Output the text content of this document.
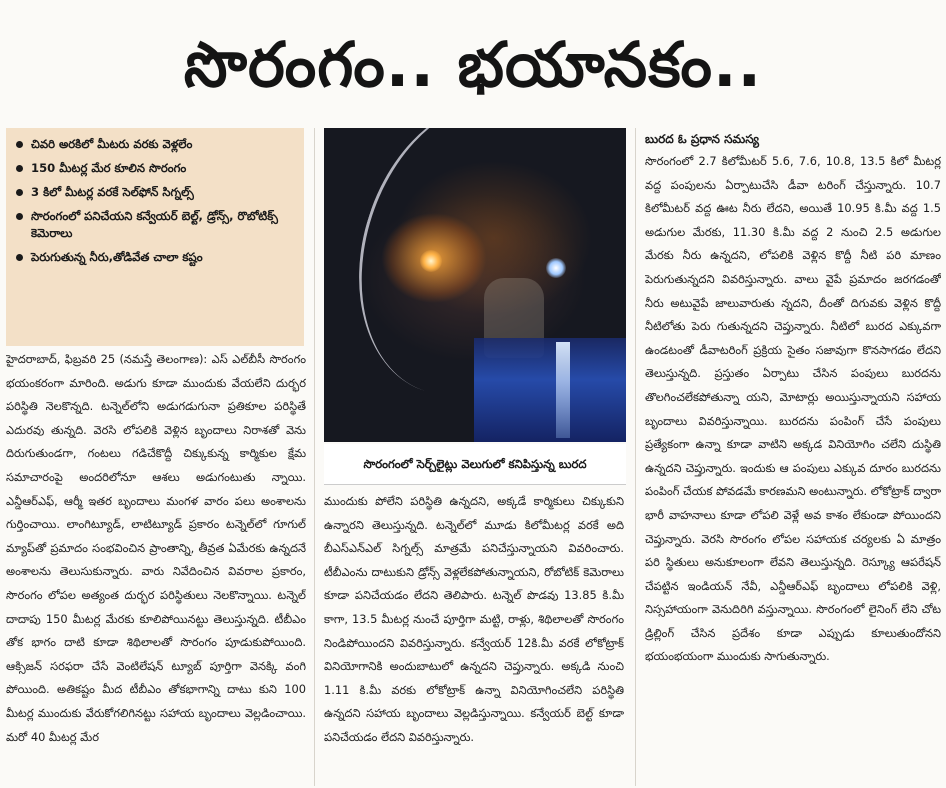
సొరంగం.. భయానకం..
చివరి అరకిలో మీటరు వరకు వెళ్లలేం
150 మీటర్ల మేర కూలిన సొరంగం
3 కిలో మీటర్ల వరకే సెల్‌ఫోన్ సిగ్నల్స్
సొరంగంలో పనిచేయని కన్వేయర్ బెల్ట్, డ్రోన్స్, రొబోటిక్స్ కెమెరాలు
పెరుగుతున్న నీరు,తోడివేత చాలా కష్టం

హైదరాబాద్, ఫిబ్రవరి 25 (నమస్తే తెలంగాణ): ఎస్ ఎల్‌బీసీ సొరంగం భయంకరంగా మారింది. అడుగు కూడా ముందుకు వేయలేని దుర్భర పరిస్థితి నెలకొన్నది. టన్నెల్‌లోని అడుగడుగునా ప్రతికూల పరిస్థితే ఎదురవు తున్నది. వెరసి లోపలికి వెళ్లిన బృందాలు నిరాశతో వెను దిరుగుతుండగా, గంటలు గడిచేకొద్దీ చిక్కుకున్న కార్మికుల క్షేమ సమాచారంపై అందరిలోనూ ఆశలు అడుగంటుతు న్నాయి. ఎన్డీఆర్‌ఎఫ్, ఆర్మీ ఇతర బృందాలు మంగళ వారం పలు అంశాలను గుర్తించాయి. లాంగిట్యూడ్, లాటిట్యూడ్ ప్రకారం టన్నెల్‌లో గూగుల్ మ్యాప్‌తో ప్రమాదం సంభవించిన ప్రాంతాన్ని, తీవ్రత ఏమేరకు ఉన్నదనే అంశాలను తెలుసుకున్నారు. వారు నివేదించిన వివరాల ప్రకారం, సొరంగం లోపల అత్యంత దుర్భర పరిస్థితులు నెలకొన్నాయి. టన్నెల్ దాదాపు 150 మీటర్ల మేరకు కూలిపోయినట్టు తెలుస్తున్నది. టీబీఎం తోక భాగం దాటి కూడా శిథిలాలతో సొరంగం పూడుకుపోయింది. ఆక్సిజన్ సరఫరా చేసే వెంటిలేషన్ ట్యూబ్ పూర్తిగా వెనక్కి వంగి పోయింది. అతికష్టం మీద టీబీఎం తోకభాగాన్ని దాటు కుని 100 మీటర్ల ముందుకు వేరుకోగలిగినట్టు సహాయ బృందాలు వెల్లడించాయి. మరో 40 మీటర్ల మేర

సొరంగంలో సెర్చ్‌లైట్లు వెలుగులో కనిపిస్తున్న బురద

ముందుకు పోలేని పరిస్థితి ఉన్నదని, అక్కడే కార్మికులు చిక్కుకుని ఉన్నారని తెలుస్తున్నది. టన్నెల్‌లో మూడు కిలోమీటర్ల వరకే అది బీఎస్‌ఎన్‌ఎల్ సిగ్నల్స్ మాత్రమే పనిచేస్తున్నాయని వివరించారు. టీబీఎంను దాటుకుని డ్రోన్స్ వెళ్లలేకపోతున్నాయని, రోబోటిక్ కెమెరాలు కూడా పనిచేయడం లేదని తెలిపారు. టన్నెల్ పొడవు 13.85 కి.మీ కాగా, 13.5 మీటర్ల నుంచే పూర్తిగా మట్టి, రాళ్లు, శిథిలాలతో సొరంగం నిండిపోయిందని వివరిస్తున్నారు. కన్వేయర్ 12కి.మీ వరకే లోకోట్రాక్ వినియోగానికి అందుబాటులో ఉన్నదని చెప్తున్నారు. అక్కడి నుంచి 1.11 కి.మీ వరకు లోకోట్రాక్ ఉన్నా వినియోగించలేని పరిస్థితి ఉన్నదని సహాయ బృందాలు వెల్లడిస్తున్నాయి. కన్వేయర్ బెల్ట్ కూడా పనిచేయడం లేదని వివరిస్తున్నారు.

బురద ఓ ప్రధాన సమస్య

సొరంగంలో 2.7 కిలోమీటర్ 5.6, 7.6, 10.8, 13.5 కిలో మీటర్ల వద్ద పంపులను ఏర్పాటుచేసి డీవా టరింగ్ చేస్తున్నారు. 10.7 కిలోమీటర్ వద్ద ఊట నీరు లేదని, అయితే 10.95 కి.మీ వద్ద 1.5 అడుగుల మేరకు, 11.30 కి.మీ వద్ద 2 నుంచి 2.5 అడుగుల మేరకు నీరు ఉన్నదని, లోపలికి వెళ్లిన కొద్దీ నీటి పరి మాణం పెరుగుతున్నదని వివరిస్తున్నారు. వాలు వైపే ప్రమాదం జరగడంతో నీరు అటువైపే జాలువారుతు న్నదని, దీంతో దిగువకు వెళ్లిన కొద్దీ నీటిలోతు పెరు గుతున్నదని చెప్తున్నారు. నీటిలో బురద ఎక్కువగా ఉండటంతో డీవాటరింగ్ ప్రక్రియ సైతం సజావుగా కొనసాగడం లేదని తెలుస్తున్నది. ప్రస్తుతం ఏర్పాటు చేసిన పంపులు బురదను తొలగించలేకపోతున్నా యని, మోటార్లు అయిస్తున్నాయని సహాయ బృందాలు వివరిస్తున్నాయి. బురదను పంపింగ్ చేసే పంపులు ప్రత్యేకంగా ఉన్నా కూడా వాటిని అక్కడ వినియోగిం చలేని దుస్థితి ఉన్నదని చెప్తున్నారు. ఇందుకు ఆ పంపులు ఎక్కువ దూరం బురదను పంపింగ్ చేయక పోవడమే కారణమని అంటున్నారు. లోకోట్రాక్ ద్వారా భారీ వాహనాలు కూడా లోపలి వెళ్లే అవ కాశం లేకుండా పోయిందని చెప్తున్నారు. వెరసి సొరంగం లోపల సహాయక చర్యలకు ఏ మాత్రం పరి స్థితులు అనుకూలంగా లేవని తెలుస్తున్నది. రెస్క్యూ ఆపరేషన్ చేపట్టిన ఇండియన్ నేవీ, ఎన్డీఆర్‌ఎఫ్ బృందాలు లోపలికి వెళ్లి, నిస్సహాయంగా వెనుదిరిగి వస్తున్నాయి. సొరంగంలో లైనింగ్ లేని చోట డ్రిల్లింగ్ చేసిన ప్రదేశం కూడా ఎప్పుడు కూలుతుందోనని భయంభయంగా ముందుకు సాగుతున్నారు.
